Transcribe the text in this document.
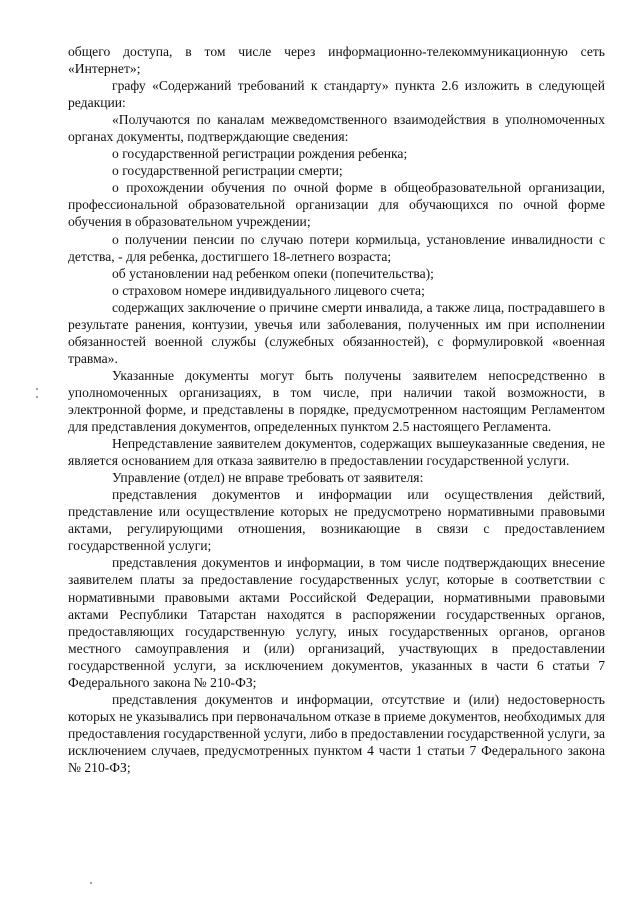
общего доступа, в том числе через информационно-телекоммуникационную сеть «Интернет»;

графу «Содержаний требований к стандарту» пункта 2.6 изложить в следующей редакции:

«Получаются по каналам межведомственного взаимодействия в уполномоченных органах документы, подтверждающие сведения:

о государственной регистрации рождения ребенка;

о государственной регистрации смерти;

о прохождении обучения по очной форме в общеобразовательной организации, профессиональной образовательной организации для обучающихся по очной форме обучения в образовательном учреждении;

о получении пенсии по случаю потери кормильца, установление инвалидности с детства, - для ребенка, достигшего 18-летнего возраста;

об установлении над ребенком опеки (попечительства);

о страховом номере индивидуального лицевого счета;

содержащих заключение о причине смерти инвалида, а также лица, пострадавшего в результате ранения, контузии, увечья или заболевания, полученных им при исполнении обязанностей военной службы (служебных обязанностей), с формулировкой «военная травма».

Указанные документы могут быть получены заявителем непосредственно в уполномоченных организациях, в том числе, при наличии такой возможности, в электронной форме, и представлены в порядке, предусмотренном настоящим Регламентом для представления документов, определенных пунктом 2.5 настоящего Регламента.

Непредставление заявителем документов, содержащих вышеуказанные сведения, не является основанием для отказа заявителю в предоставлении государственной услуги.

Управление (отдел) не вправе требовать от заявителя:

представления документов и информации или осуществления действий, представление или осуществление которых не предусмотрено нормативными правовыми актами, регулирующими отношения, возникающие в связи с предоставлением государственной услуги;

представления документов и информации, в том числе подтверждающих внесение заявителем платы за предоставление государственных услуг, которые в соответствии с нормативными правовыми актами Российской Федерации, нормативными правовыми актами Республики Татарстан находятся в распоряжении государственных органов, предоставляющих государственную услугу, иных государственных органов, органов местного самоуправления и (или) организаций, участвующих в предоставлении государственной услуги, за исключением документов, указанных в части 6 статьи 7 Федерального закона № 210-ФЗ;

представления документов и информации, отсутствие и (или) недостоверность которых не указывались при первоначальном отказе в приеме документов, необходимых для предоставления государственной услуги, либо в предоставлении государственной услуги, за исключением случаев, предусмотренных пунктом 4 части 1 статьи 7 Федерального закона № 210-ФЗ;
